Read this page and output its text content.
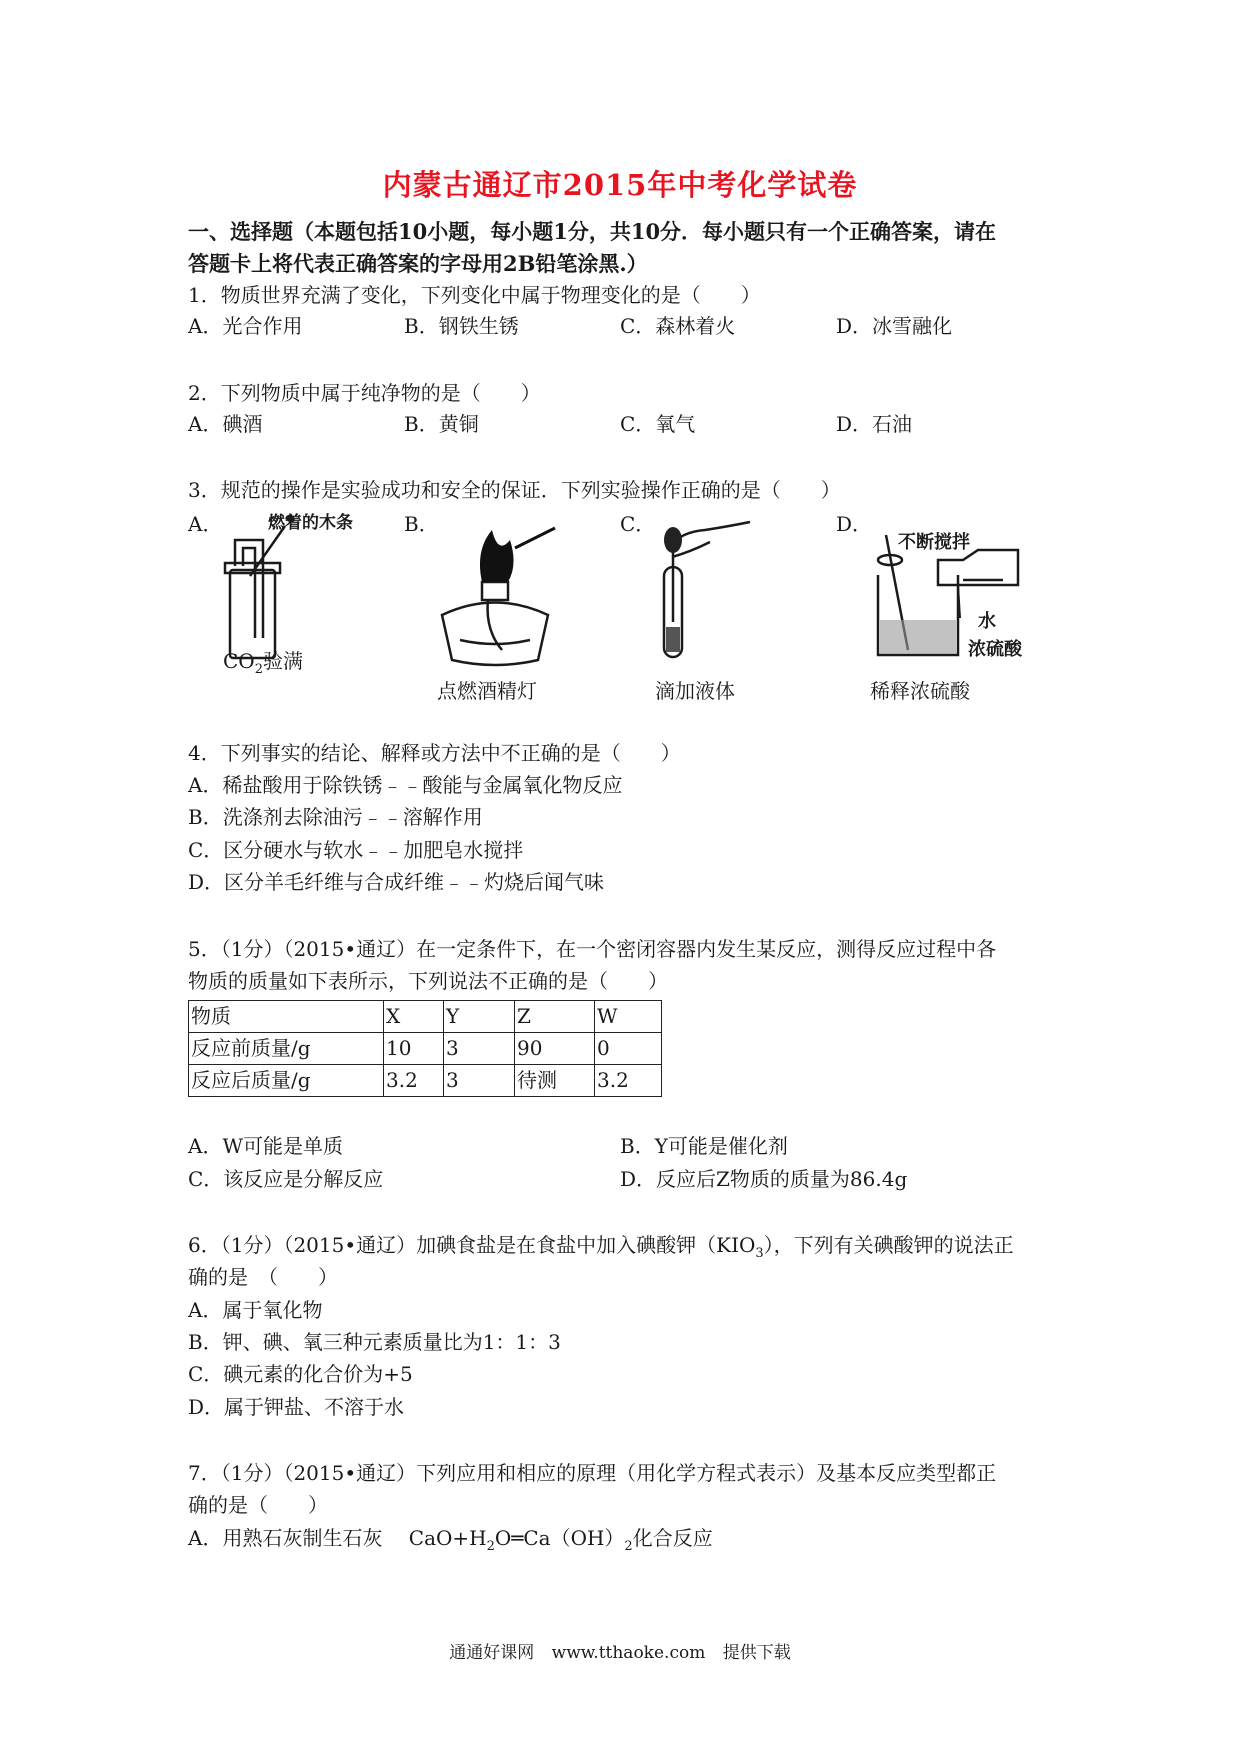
内蒙古通辽市2015年中考化学试卷
一、选择题（本题包括10小题，每小题1分，共10分．每小题只有一个正确答案，请在
答题卡上将代表正确答案的字母用2B铅笔涂黑.）
1．物质世界充满了变化，下列变化中属于物理变化的是（　　）
A．光合作用	B．钢铁生锈	C．森林着火	D．冰雪融化
2．下列物质中属于纯净物的是（　　）
A．碘酒	B．黄铜	C．氧气	D．石油
3．规范的操作是实验成功和安全的保证．下列实验操作正确的是（　　）
A．	B．	C．	D．
燃着的木条
$CO_2$验满
点燃酒精灯	滴加液体
不断搅拌
水
浓硫酸
稀释浓硫酸
4．下列事实的结论、解释或方法中不正确的是（　　）
A．稀盐酸用于除铁锈﹣﹣酸能与金属氧化物反应
B．洗涤剂去除油污﹣﹣溶解作用
C．区分硬水与软水﹣﹣加肥皂水搅拌
D．区分羊毛纤维与合成纤维﹣﹣灼烧后闻气味
5．（1分）（2015•通辽）在一定条件下，在一个密闭容器内发生某反应，测得反应过程中各
物质的质量如下表所示，下列说法不正确的是（　　）
物质	X	Y	Z	W
反应前质量/g	10	3	90	0
反应后质量/g	3.2	3	待测	3.2
A．W可能是单质	B．Y可能是催化剂
C．该反应是分解反应	D．反应后Z物质的质量为86.4g
6．（1分）（2015•通辽）加碘食盐是在食盐中加入碘酸钾$(KIO_3)$，下列有关碘酸钾的说法正
确的是　（　　）
A．属于氧化物
B．钾、碘、氧三种元素质量比为1：1：3
C．碘元素的化合价为+5
D．属于钾盐、不溶于水
7．（1分）（2015•通辽）下列应用和相应的原理（用化学方程式表示）及基本反应类型都正
确的是（　　）
A．用熟石灰制生石灰　 $CaO+H_2O═Ca(OH)_2$化合反应
通通好课网 www.tthaoke.com 提供下载
